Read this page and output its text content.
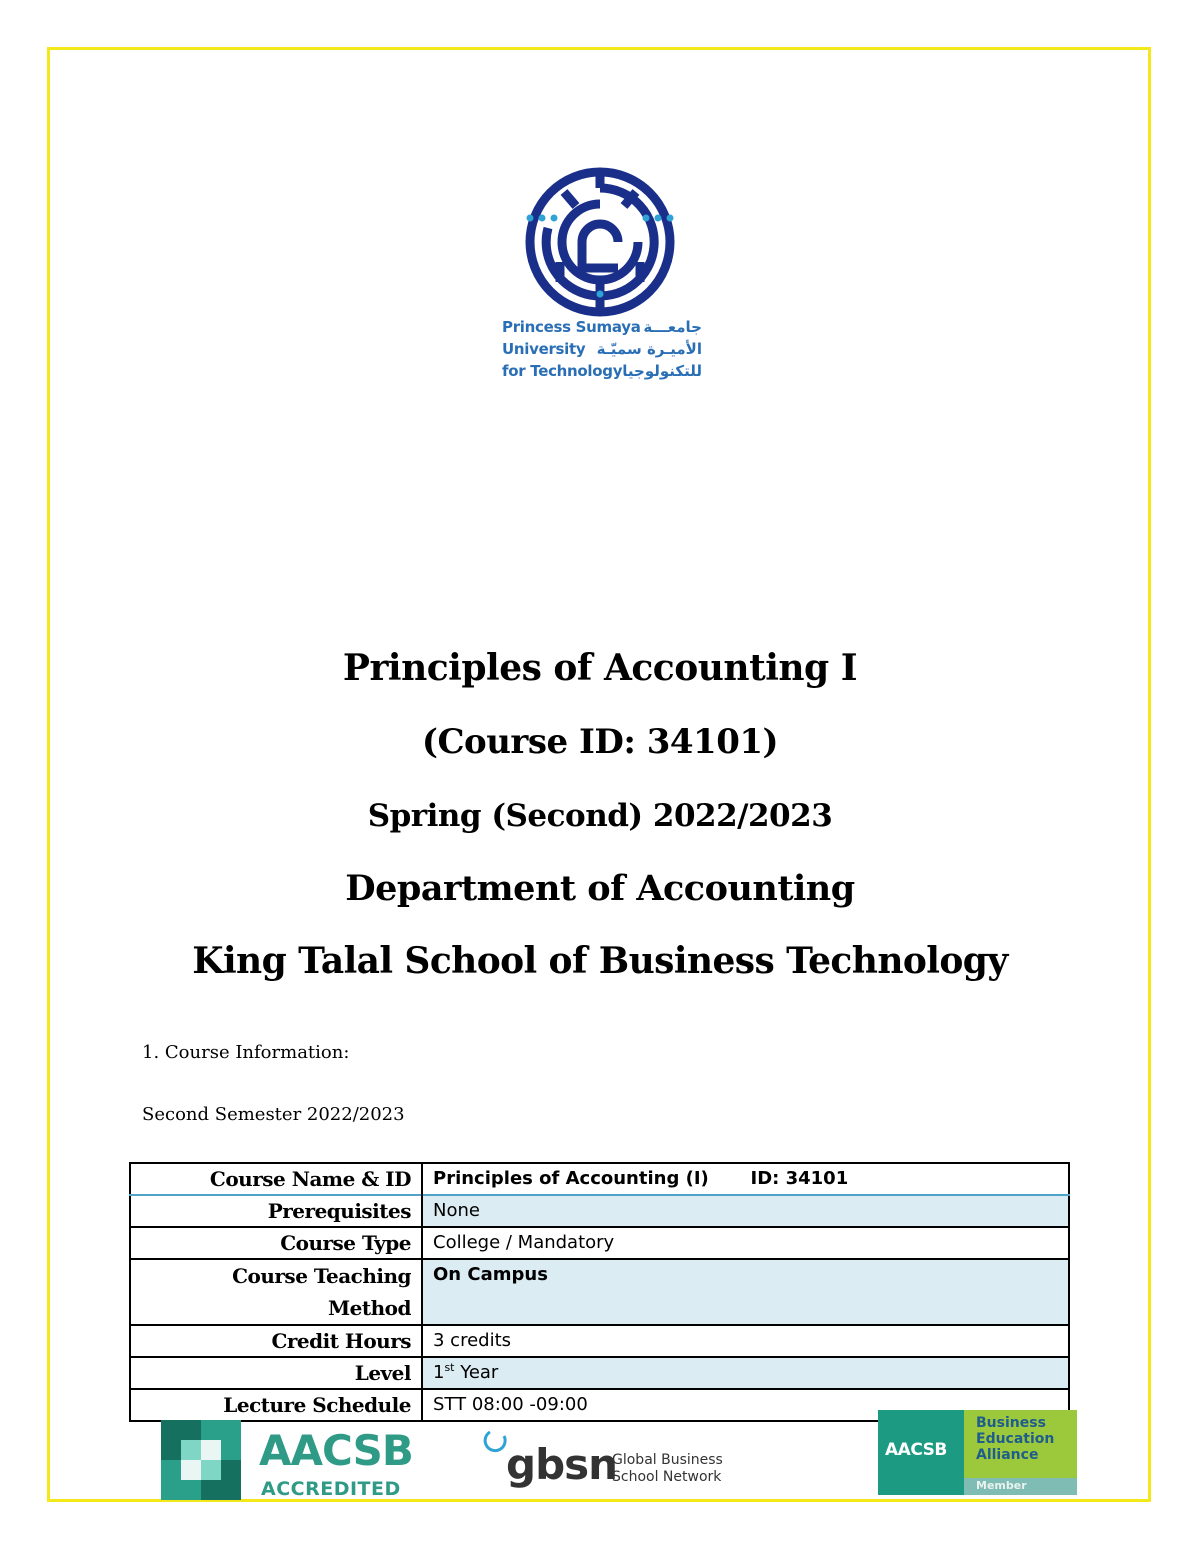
Princess Sumaya
University
for Technology
جامعـــة
الأميـرة سميّـة
للتكنولوجيا
Principles of Accounting I
(Course ID: 34101)
Spring (Second) 2022/2023
Department of Accounting
King Talal School of Business Technology
1. Course Information:
Second Semester 2022/2023
Course Name & ID	Principles of Accounting (I) ID: 34101
Prerequisites	None
Course Type	College / Mandatory

Course Teaching
Method	On Campus
Credit Hours	3 credits
Level	1st Year
Lecture Schedule	STT 08:00 -09:00
AACSB
ACCREDITED	gbsn
Global Business
School Network
AACSB
Business
Education
Alliance
Member
